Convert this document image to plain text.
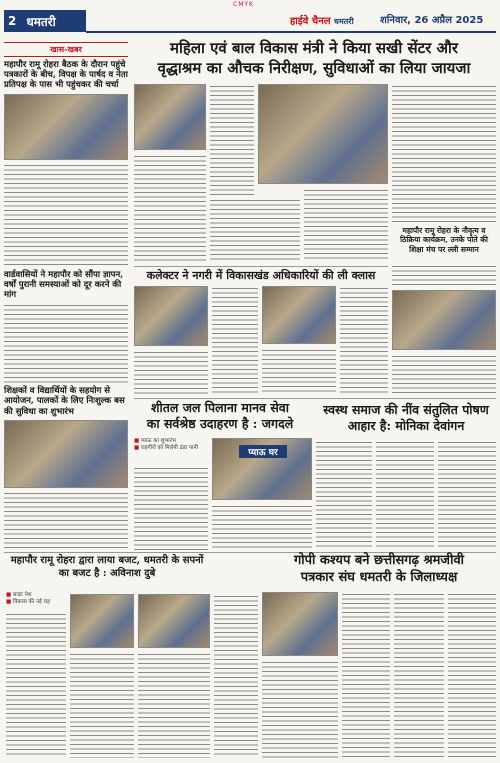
CMYK
2 धमतरी	हाईवे चैनल धमतरी	शनिवार, 26 अप्रैल 2025
खास-खबर
महापौर रामू रोहरा बैठक के दौरान पहुंचे पत्रकारों के बीच, विपक्ष के पार्षद व नेता प्रतिपक्ष के पास भी पहुंचकर की चर्चा
वार्डवासियों ने महापौर को सौंपा ज्ञापन, वर्षों पुरानी समस्याओं को दूर करने की मांग
शिक्षकों व विद्यार्थियों के सहयोग से आयोजन, पालकों के लिए निःशुल्क बस की सुविधा का शुभारंभ
महिला एवं बाल विकास मंत्री ने किया सखी सेंटर और
वृद्धाश्रम का औचक निरीक्षण, सुविधाओं का लिया जायजा
महापौर रामू रोहरा के नौवृत्य व ठिक्रिया कार्यक्रम, उनके पोते की शिक्षा मंच पर ल्ली सम्मान
कलेक्टर ने नगरी में विकासखंड अधिकारियों की ली क्लास
शीतल जल पिलाना मानव सेवा
का सर्वश्रेष्ठ उदाहरण है : जगदले
■ प्याऊ का शुभारंभ
■ राहगीरों को मिलेगी ठंडा पानी	प्याऊ घर
स्वस्थ समाज की नींव संतुलित पोषण आहार है: मोनिका देवांगन
महापौर रामू रोहरा द्वारा लाया बजट, धमतरी के सपनों का बजट है : अविनाश दुबे
■ बजट पेश
■ विकास की नई राह
गोपी कश्यप बने छत्तीसगढ़ श्रमजीवी
पत्रकार संघ धमतरी के जिलाध्यक्ष
